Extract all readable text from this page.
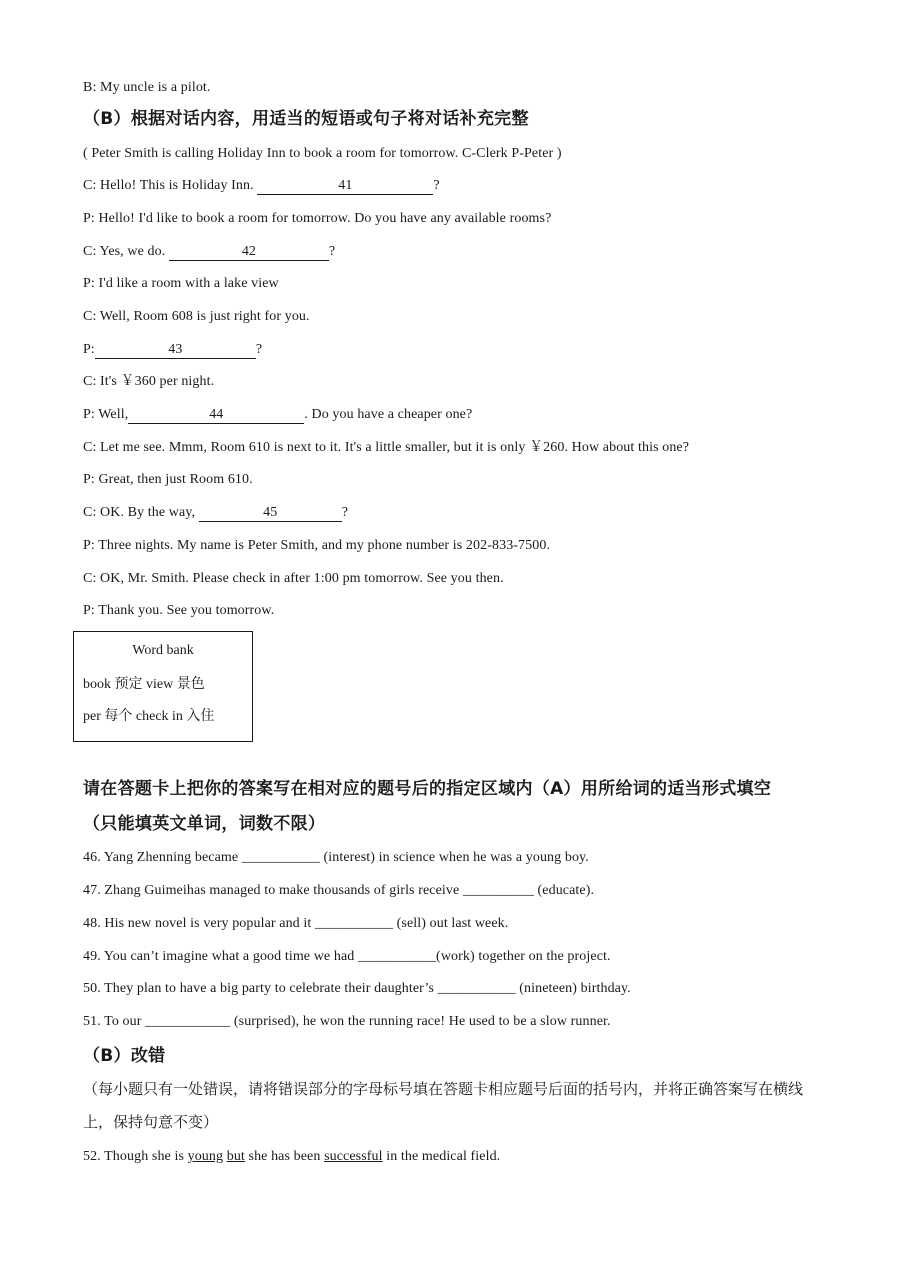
B: My uncle is a pilot.
（B）根据对话内容，用适当的短语或句子将对话补充完整
( Peter Smith is calling Holiday Inn to book a room for tomorrow. C-Clerk P-Peter )
C: Hello! This is Holiday Inn.	41	?
P: Hello! I'd like to book a room for tomorrow. Do you have any available rooms?
C: Yes, we do.	42	?
P: I'd like a room with a lake view
C: Well, Room 608 is just right for you.
P:	43	?
C: It's ￥360 per night.
P: Well,	44	. Do you have a cheaper one?
C: Let me see. Mmm, Room 610 is next to it. It's a little smaller, but it is only ￥260. How about this one?
P: Great, then just Room 610.
C: OK. By the way,	45	?
P: Three nights. My name is Peter Smith, and my phone number is 202-833-7500.
C: OK, Mr. Smith. Please check in after 1:00 pm tomorrow. See you then.
P: Thank you. See you tomorrow.
Word bank
book 预定 view 景色
per 每个 check in 入住
请在答题卡上把你的答案写在相对应的题号后的指定区域内（A）用所给词的适当形式填空
（只能填英文单词，词数不限）
46. Yang Zhenning became ___________ (interest) in science when he was a young boy.
47. Zhang Guimeihas managed to make thousands of girls receive __________ (educate).
48. His new novel is very popular and it ___________ (sell) out last week.
49. You can’t imagine what a good time we had ___________(work) together on the project.
50. They plan to have a big party to celebrate their daughter’s ___________ (nineteen) birthday.
51. To our ____________ (surprised), he won the running race! He used to be a slow runner.
（B）改错
（每小题只有一处错误，请将错误部分的字母标号填在答题卡相应题号后面的括号内，并将正确答案写在横线上，保持句意不变）
52. Though she is young but she has been successful in the medical field.
